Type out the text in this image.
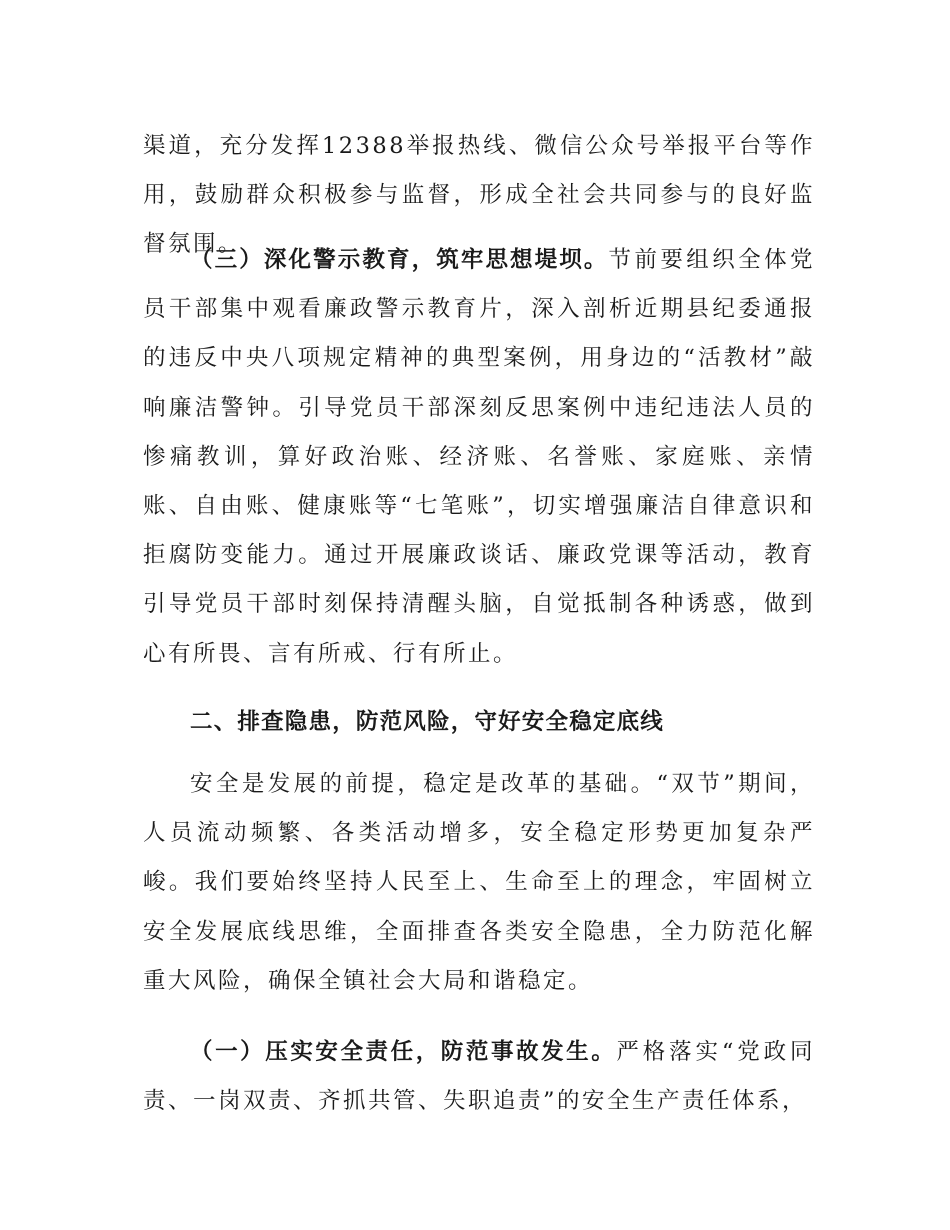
渠道，充分发挥12388举报热线、微信公众号举报平台等作用，鼓励群众积极参与监督，形成全社会共同参与的良好监督氛围。

（三）深化警示教育，筑牢思想堤坝。节前要组织全体党员干部集中观看廉政警示教育片，深入剖析近期县纪委通报的违反中央八项规定精神的典型案例，用身边的“活教材”敲响廉洁警钟。引导党员干部深刻反思案例中违纪违法人员的惨痛教训，算好政治账、经济账、名誉账、家庭账、亲情账、自由账、健康账等“七笔账”，切实增强廉洁自律意识和拒腐防变能力。通过开展廉政谈话、廉政党课等活动，教育引导党员干部时刻保持清醒头脑，自觉抵制各种诱惑，做到心有所畏、言有所戒、行有所止。

二、排查隐患，防范风险，守好安全稳定底线

安全是发展的前提，稳定是改革的基础。“双节”期间，人员流动频繁、各类活动增多，安全稳定形势更加复杂严峻。我们要始终坚持人民至上、生命至上的理念，牢固树立安全发展底线思维，全面排查各类安全隐患，全力防范化解重大风险，确保全镇社会大局和谐稳定。

（一）压实安全责任，防范事故发生。严格落实“党政同责、一岗双责、齐抓共管、失职追责”的安全生产责任体系，
